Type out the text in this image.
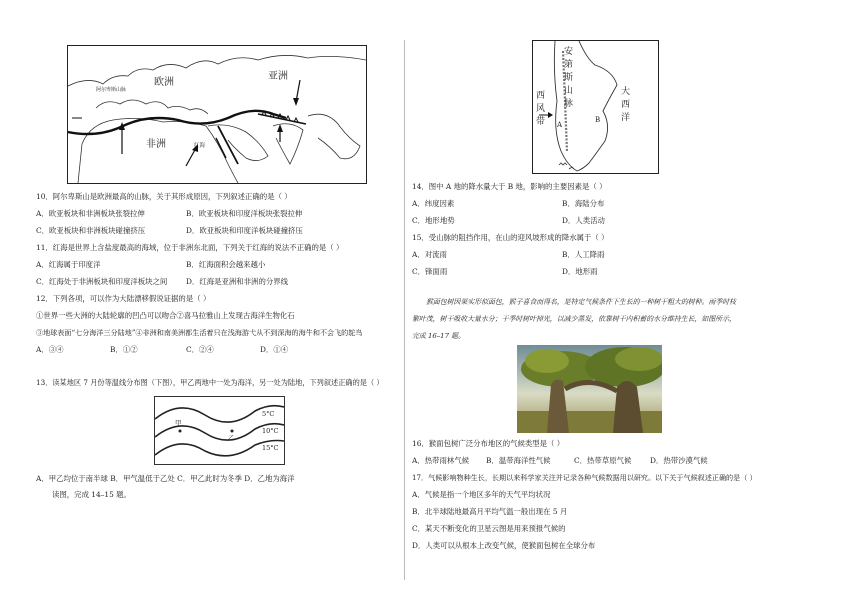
欧洲
亚洲
非洲
阿尔卑斯山脉
红海
10．阿尔卑斯山是欧洲最高的山脉，关于其形成原因，下列叙述正确的是（ ）
A．欧亚板块和非洲板块张裂拉伸	B．欧亚板块和印度洋板块张裂拉伸
C．欧亚板块和非洲板块碰撞挤压	D．欧亚板块和印度洋板块碰撞挤压
11．红海是世界上含盐度最高的海域，位于非洲东北面，下列关于红海的说法不正确的是（ ）
A．红海属于印度洋	B．红海面积会越来越小
C．红海处于非洲板块和印度洋板块之间	D．红海是亚洲和非洲的分界线
12．下列各项，可以作为大陆漂移假说证据的是（ ）
①世界一些大洲的大陆轮廓的凹凸可以吻合②喜马拉雅山上发现古海洋生物化石
③地球表面“七分海洋三分陆地”④非洲和南美洲都生活着只在浅海游弋从不到深海的海牛和不会飞的鸵鸟
A．③④	B．①②	C．②④	D．①④
13．读某地区 7 月份等温线分布图（下图），甲乙两地中一处为海洋，另一处为陆地，下列叙述正确的是（ ）
甲
乙
5°C
10°C
15°C
A．甲乙均位于南半球 B．甲气温低于乙处 C．甲乙此时为冬季 D．乙地为海洋
读图，完成 14–15 题。
安
第
斯
山
脉
西
风
带
大
西
洋
A
B
14．图中 A 地的降水量大于 B 地，影响的主要因素是（ ）
A．纬度因素	B．海陆分布
C．地形地势	D．人类活动
15．受山脉的阻挡作用，在山的迎风坡形成的降水属于（ ）
A．对流雨	B．人工降雨
C．锋面雨	D．地形雨
猴面包树因果实形似面包，猴子喜食而得名，是特定气候条件下生长的一种树干粗大的树种。雨季时枝
繁叶茂，树干吸收大量水分；干季时树叶掉光，以减少蒸发，依靠树干内积蓄的水分维持生长，如图所示，
完成 16–17 题。
16．猴面包树广泛分布地区的气候类型是（ ）
A．热带雨林气候 B．温带海洋性气候	C．热带草原气候	D．热带沙漠气候
17．气候影响物种生长，长期以来科学家关注并记录各种气候数据用以研究。以下关于气候叙述正确的是（ ）
A．气候是指一个地区多年的天气平均状况
B．北半球陆地最高月平均气温一般出现在 5 月
C．某天不断变化的卫星云图是用来预报气候的
D．人类可以从根本上改变气候，使猴面包树在全球分布
